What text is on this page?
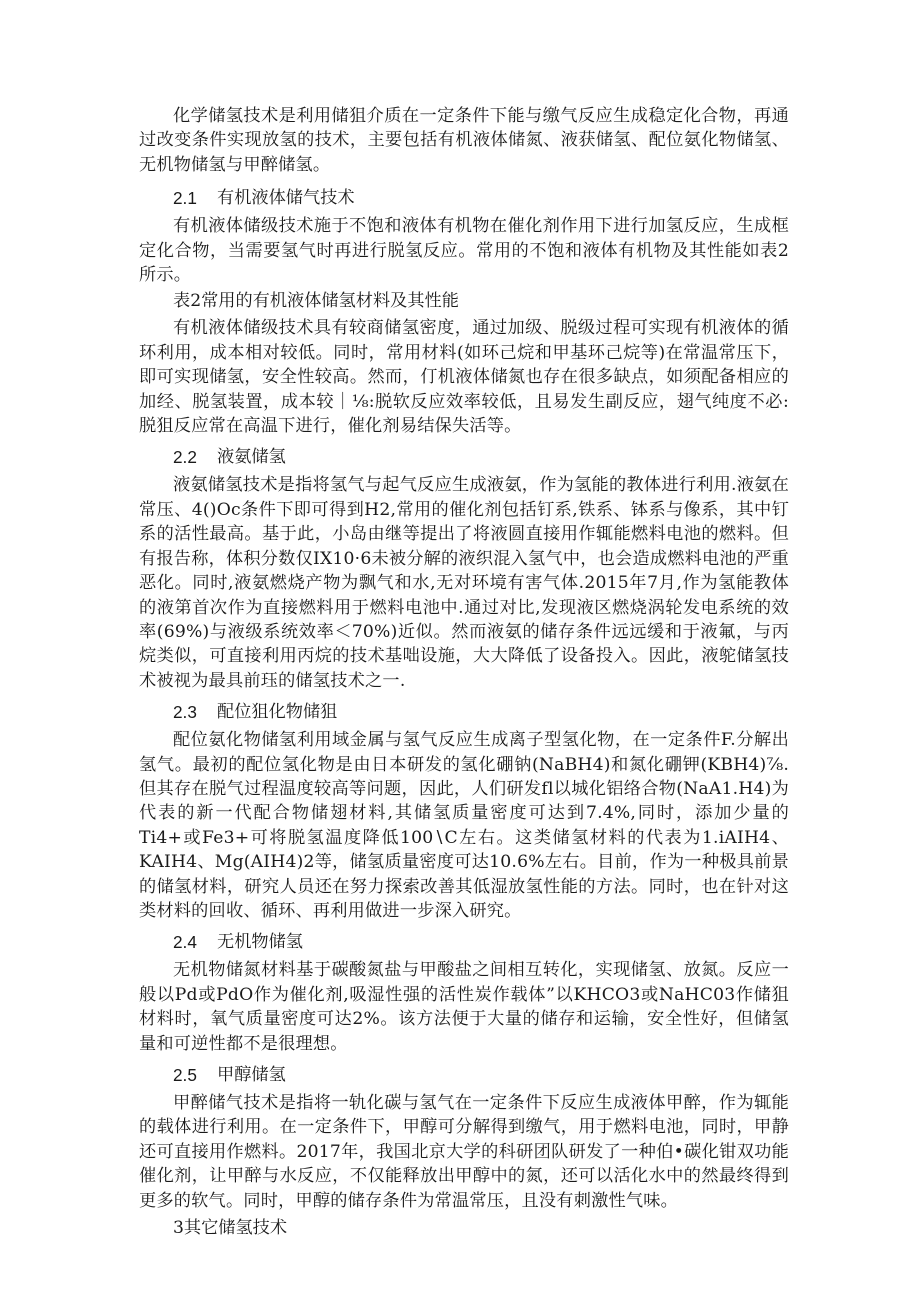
化学储氢技术是利用储狙介质在一定条件下能与缴气反应生成稳定化合物，再通过改变条件实现放氢的技术，主要包括有机液体储氮、液获储氢、配位氨化物储氢、无机物储氢与甲醉储氢。

2.1	有机液体储气技术

有机液体储级技术施于不饱和液体有机物在催化剂作用下进行加氢反应，生成框定化合物，当需要氢气时再进行脱氢反应。常用的不饱和液体有机物及其性能如表2所示。

表2常用的有机液体储氢材料及其性能

有机液体储级技术具有较商储氢密度，通过加级、脱级过程可实现有机液体的循环利用，成本相对较低。同时，常用材料(如环己烷和甲基环己烷等)在常温常压下，即可实现储氢，安全性较高。然而，仃机液体储氮也存在很多缺点，如须配备相应的加经、脱氢装置，成本较｜⅛:脱软反应效率较低，且易发生副反应，翅气纯度不必:脱狙反应常在高温下进行，催化剂易结保失活等。

2.2	液氨储氢

液氨储氢技术是指将氢气与起气反应生成液氨，作为氢能的教体进行利用.液氨在常压、4()Oc条件下即可得到H2,常用的催化剂包括钉系,铁系、钵系与像系，其中钉系的活性最高。基于此，小岛由继等提出了将液圆直接用作辄能燃料电池的燃料。但有报告称，体积分数仅IX10·6未被分解的液织混入氢气中，也会造成燃料电池的严重恶化。同时,液氨燃烧产物为飘气和水,无对环境有害气体.2015年7月,作为氢能教体的液第首次作为直接燃料用于燃料电池中.通过对比,发现液区燃烧涡轮发电系统的效率(69%)与液级系统效率＜70%)近似。然而液氨的储存条件远远缓和于液氟，与丙烷类似，可直接利用丙烷的技术基咄设施，大大降低了设备投入。因此，液鸵储氢技术被视为最具前珏的储氢技术之一.

2.3	配位狙化物储狙

配位氨化物储氢利用域金属与氢气反应生成离子型氢化物，在一定条件F.分解出氢气。最初的配位氢化物是由日本研发的氢化硼钠(NaBH4)和氮化硼钾(KBH4)⅞.但其存在脱气过程温度较高等问题，因此，人们研发fl以城化铝络合物(NaA1.H4)为代表的新一代配合物储翅材料,其储氢质量密度可达到7.4%,同时，添加少量的Ti4+或Fe3+可将脱氢温度降低100∖C左右。这类储氢材料的代表为1.iAIH4、KAIH4、Mg(AIH4)2等，储氢质量密度可达10.6%左右。目前，作为一种极具前景的储氢材料，研究人员还在努力探索改善其低湿放氢性能的方法。同时，也在针对这类材料的回收、循环、再利用做进一步深入研究。

2.4	无机物储氢

无机物储氮材料基于碳酸氮盐与甲酸盐之间相互转化，实现储氢、放氮。反应一般以Pd或PdO作为催化剂,吸湿性强的活性炭作载体”以KHCO3或NaHC03作储狙材料时，氧气质量密度可达2%。该方法便于大量的储存和运输，安全性好，但储氢量和可逆性都不是很理想。

2.5	甲醇储氢

甲醉储气技术是指将一轨化碳与氢气在一定条件下反应生成液体甲醉，作为辄能的载体进行利用。在一定条件下，甲醇可分解得到缴气，用于燃料电池，同时，甲静还可直接用作燃料。2017年，我国北京大学的科研团队研发了一种伯•碳化钳双功能催化剂，让甲醉与水反应，不仅能释放出甲醇中的氮，还可以活化水中的然最终得到更多的软气。同时，甲醇的储存条件为常温常压，且没有刺激性气味。

3其它储氢技术
